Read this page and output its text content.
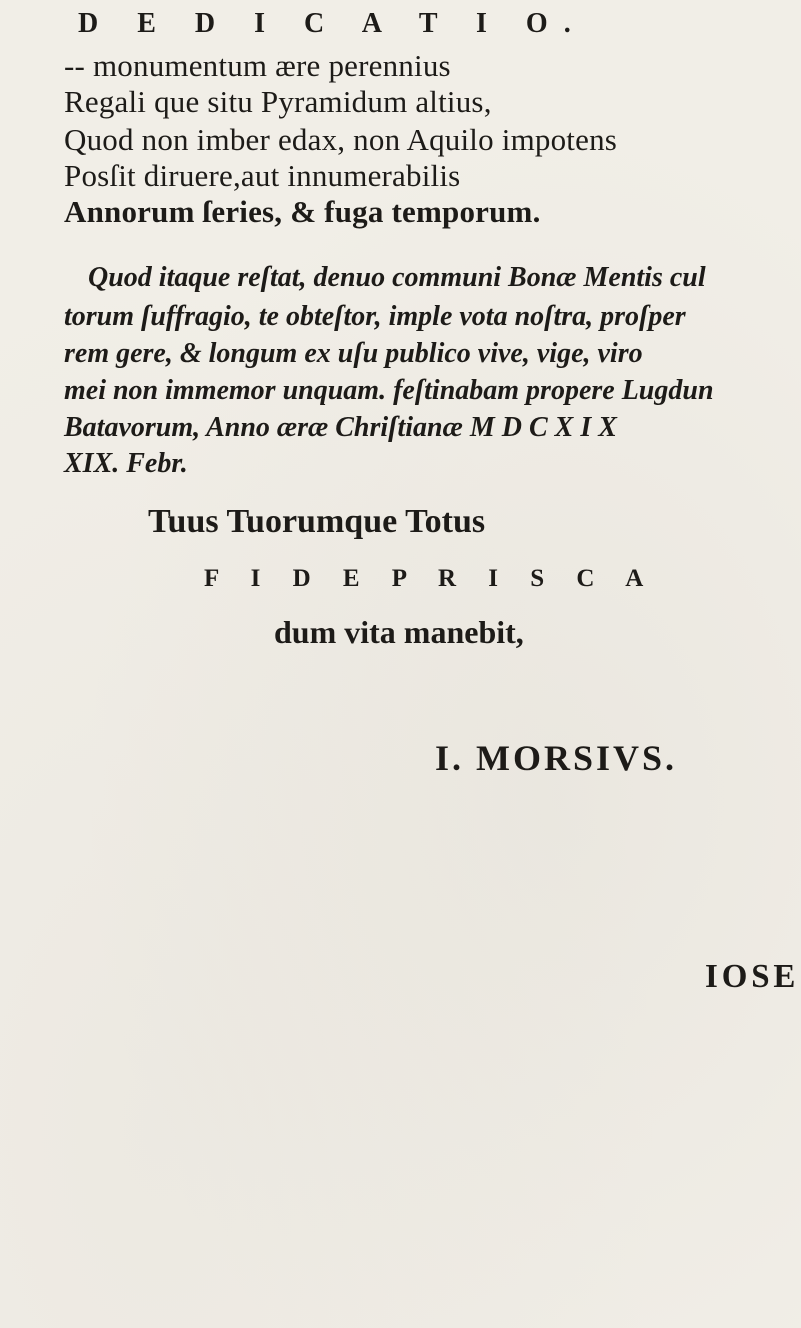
D E D I C A T I O.
-- monumentum ære perennius
Regali que situ Pyramidum altius,
Quod non imber edax, non Aquilo impotens
Posſit diruere,aut innumerabilis
Annorum ſeries, & fuga temporum.
Quod itaque reſtat, denuo communi Bonæ Mentis cul
torum ſuffragio, te obteſtor, imple vota noſtra, proſper
rem gere, & longum ex uſu publico vive, vige, viro
mei non immemor unquam. feſtinabam propere Lugdun
Batavorum, Anno æræ Chriſtianæ M D C X I X
XIX. Febr.
Tuus Tuorumque Totus
F I D E P R I S C A
dum vita manebit,
I. MORSIVS.
IOSE
